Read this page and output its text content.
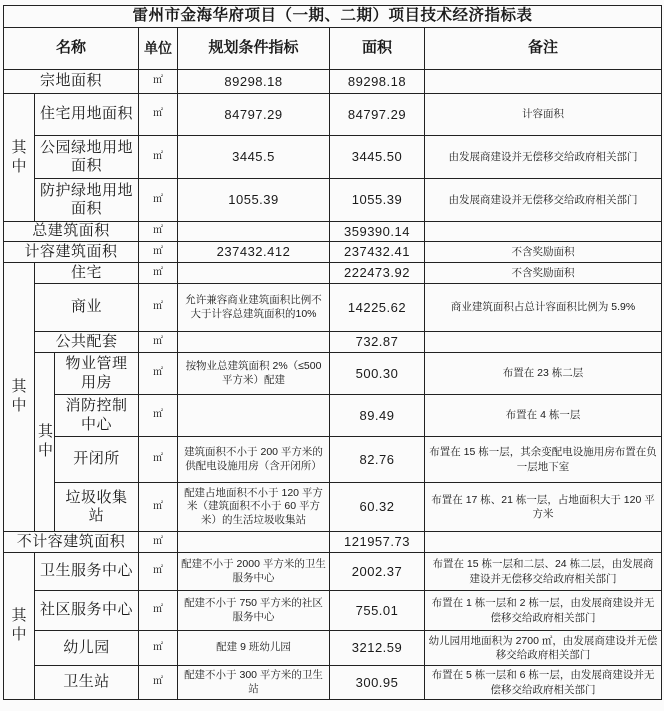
雷州市金海华府项目（一期、二期）项目技术经济指标表						
名称			单位	规划条件指标	面积	备注
宗地面积			㎡	89298.18	89298.18	
其中	住宅用地面积		㎡	84797.29	84797.29	计容面积
	公园绿地用地面积		㎡	3445.5	3445.50	由发展商建设并无偿移交给政府相关部门
	防护绿地用地面积		㎡	1055.39	1055.39	由发展商建设并无偿移交给政府相关部门
总建筑面积			㎡		359390.14	
计容建筑面积			㎡	237432.412	237432.41	不含奖励面积
其中	住宅		㎡		222473.92	不含奖励面积
	商业		㎡	允许兼容商业建筑面积比例不大于计容总建筑面积的10%	14225.62	商业建筑面积占总计容面积比例为 5.9%
	公共配套		㎡		732.87	
	其中	物业管理用房	㎡	按物业总建筑面积 2%（≤500 平方米）配建	500.30	布置在 23 栋二层
		消防控制中心	㎡		89.49	布置在 4 栋一层
		开闭所	㎡	建筑面积不小于 200 平方米的供配电设施用房（含开闭所）	82.76	布置在 15 栋一层，其余变配电设施用房布置在负一层地下室
		垃圾收集站	㎡	配建占地面积不小于 120 平方米（建筑面积不小于 60 平方米）的生活垃圾收集站	60.32	布置在 17 栋、21 栋一层，占地面积大于 120 平方米
不计容建筑面积			㎡		121957.73	
其中	卫生服务中心		㎡	配建不小于 2000 平方米的卫生服务中心	2002.37	布置在 15 栋一层和二层、24 栋二层，由发展商建设并无偿移交给政府相关部门
	社区服务中心		㎡	配建不小于 750 平方米的社区服务中心	755.01	布置在 1 栋一层和 2 栋一层，由发展商建设并无偿移交给政府相关部门
	幼儿园		㎡	配建 9 班幼儿园	3212.59	幼儿园用地面积为 2700 ㎡，由发展商建设并无偿移交给政府相关部门
	卫生站		㎡	配建不小于 300 平方米的卫生站	300.95	布置在 5 栋一层和 6 栋一层，由发展商建设并无偿移交给政府相关部门
